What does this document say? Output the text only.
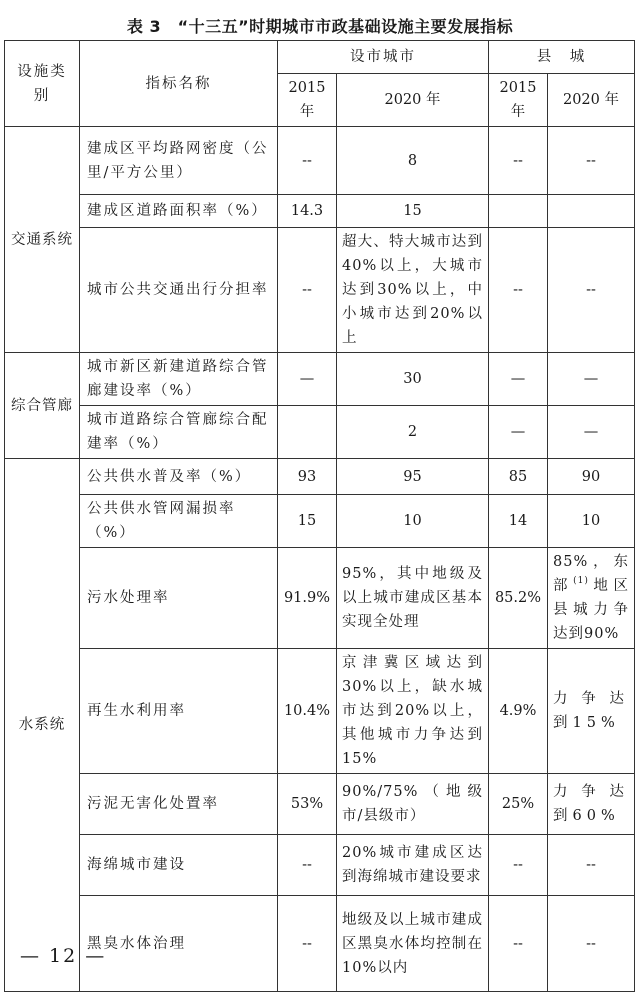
表 3　“十三五”时期城市市政基础设施主要发展指标
设施类别	指标名称	设市城市		县　城	
		2015 年	2020 年	2015 年	2020 年
交通系统	建成区平均路网密度（公里/平方公里）	--	8	--	--
	建成区道路面积率（%）	14.3	15		
	城市公共交通出行分担率	--	超大、特大城市达到40%以上，大城市达到30%以上，中小城市达到20%以上	--	--
综合管廊	城市新区新建道路综合管廊建设率（%）	—	30	—	—
	城市道路综合管廊综合配建率（%）		2	—	—
水系统	公共供水普及率（%）	93	95	85	90
	公共供水管网漏损率（%）	15	10	14	10
	污水处理率	91.9%	95%，其中地级及以上城市建成区基本实现全处理	85.2%	85%，东部$^{(1)}$地区县城力争达到90%
	再生水利用率	10.4%	京津冀区域达到30%以上，缺水城市达到20%以上，其他城市力争达到15%	4.9%	力争达到15%
	污泥无害化处置率	53%	90%/75%（地级市/县级市）	25%	力争达到60%
	海绵城市建设	--	20%城市建成区达到海绵城市建设要求	--	--
	黑臭水体治理	--	地级及以上城市建成区黑臭水体均控制在10%以内	--	--
— 12 —
